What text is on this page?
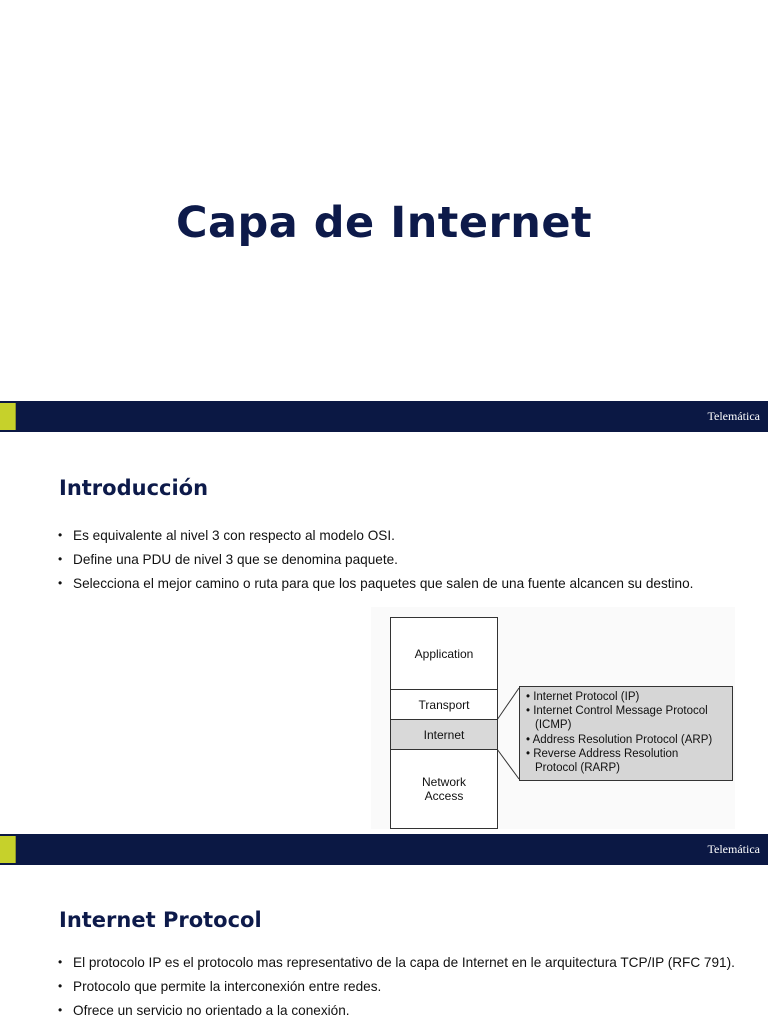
Capa de Internet
Telemática
Introducción
• Es equivalente al nivel 3 con respecto al modelo OSI.
• Define una PDU de nivel 3 que se denomina paquete.
• Selecciona el mejor camino o ruta para que los paquetes que salen de una fuente alcancen su destino.
Application
Transport
Internet
Network Access
• Internet Protocol (IP)
• Internet Control Message Protocol
(ICMP)
• Address Resolution Protocol (ARP)
• Reverse Address Resolution
Protocol (RARP)
Telemática
Internet Protocol
• El protocolo IP es el protocolo mas representativo de la capa de Internet en le arquitectura TCP/IP (RFC 791).
• Protocolo que permite la interconexión entre redes.
• Ofrece un servicio no orientado a la conexión.
